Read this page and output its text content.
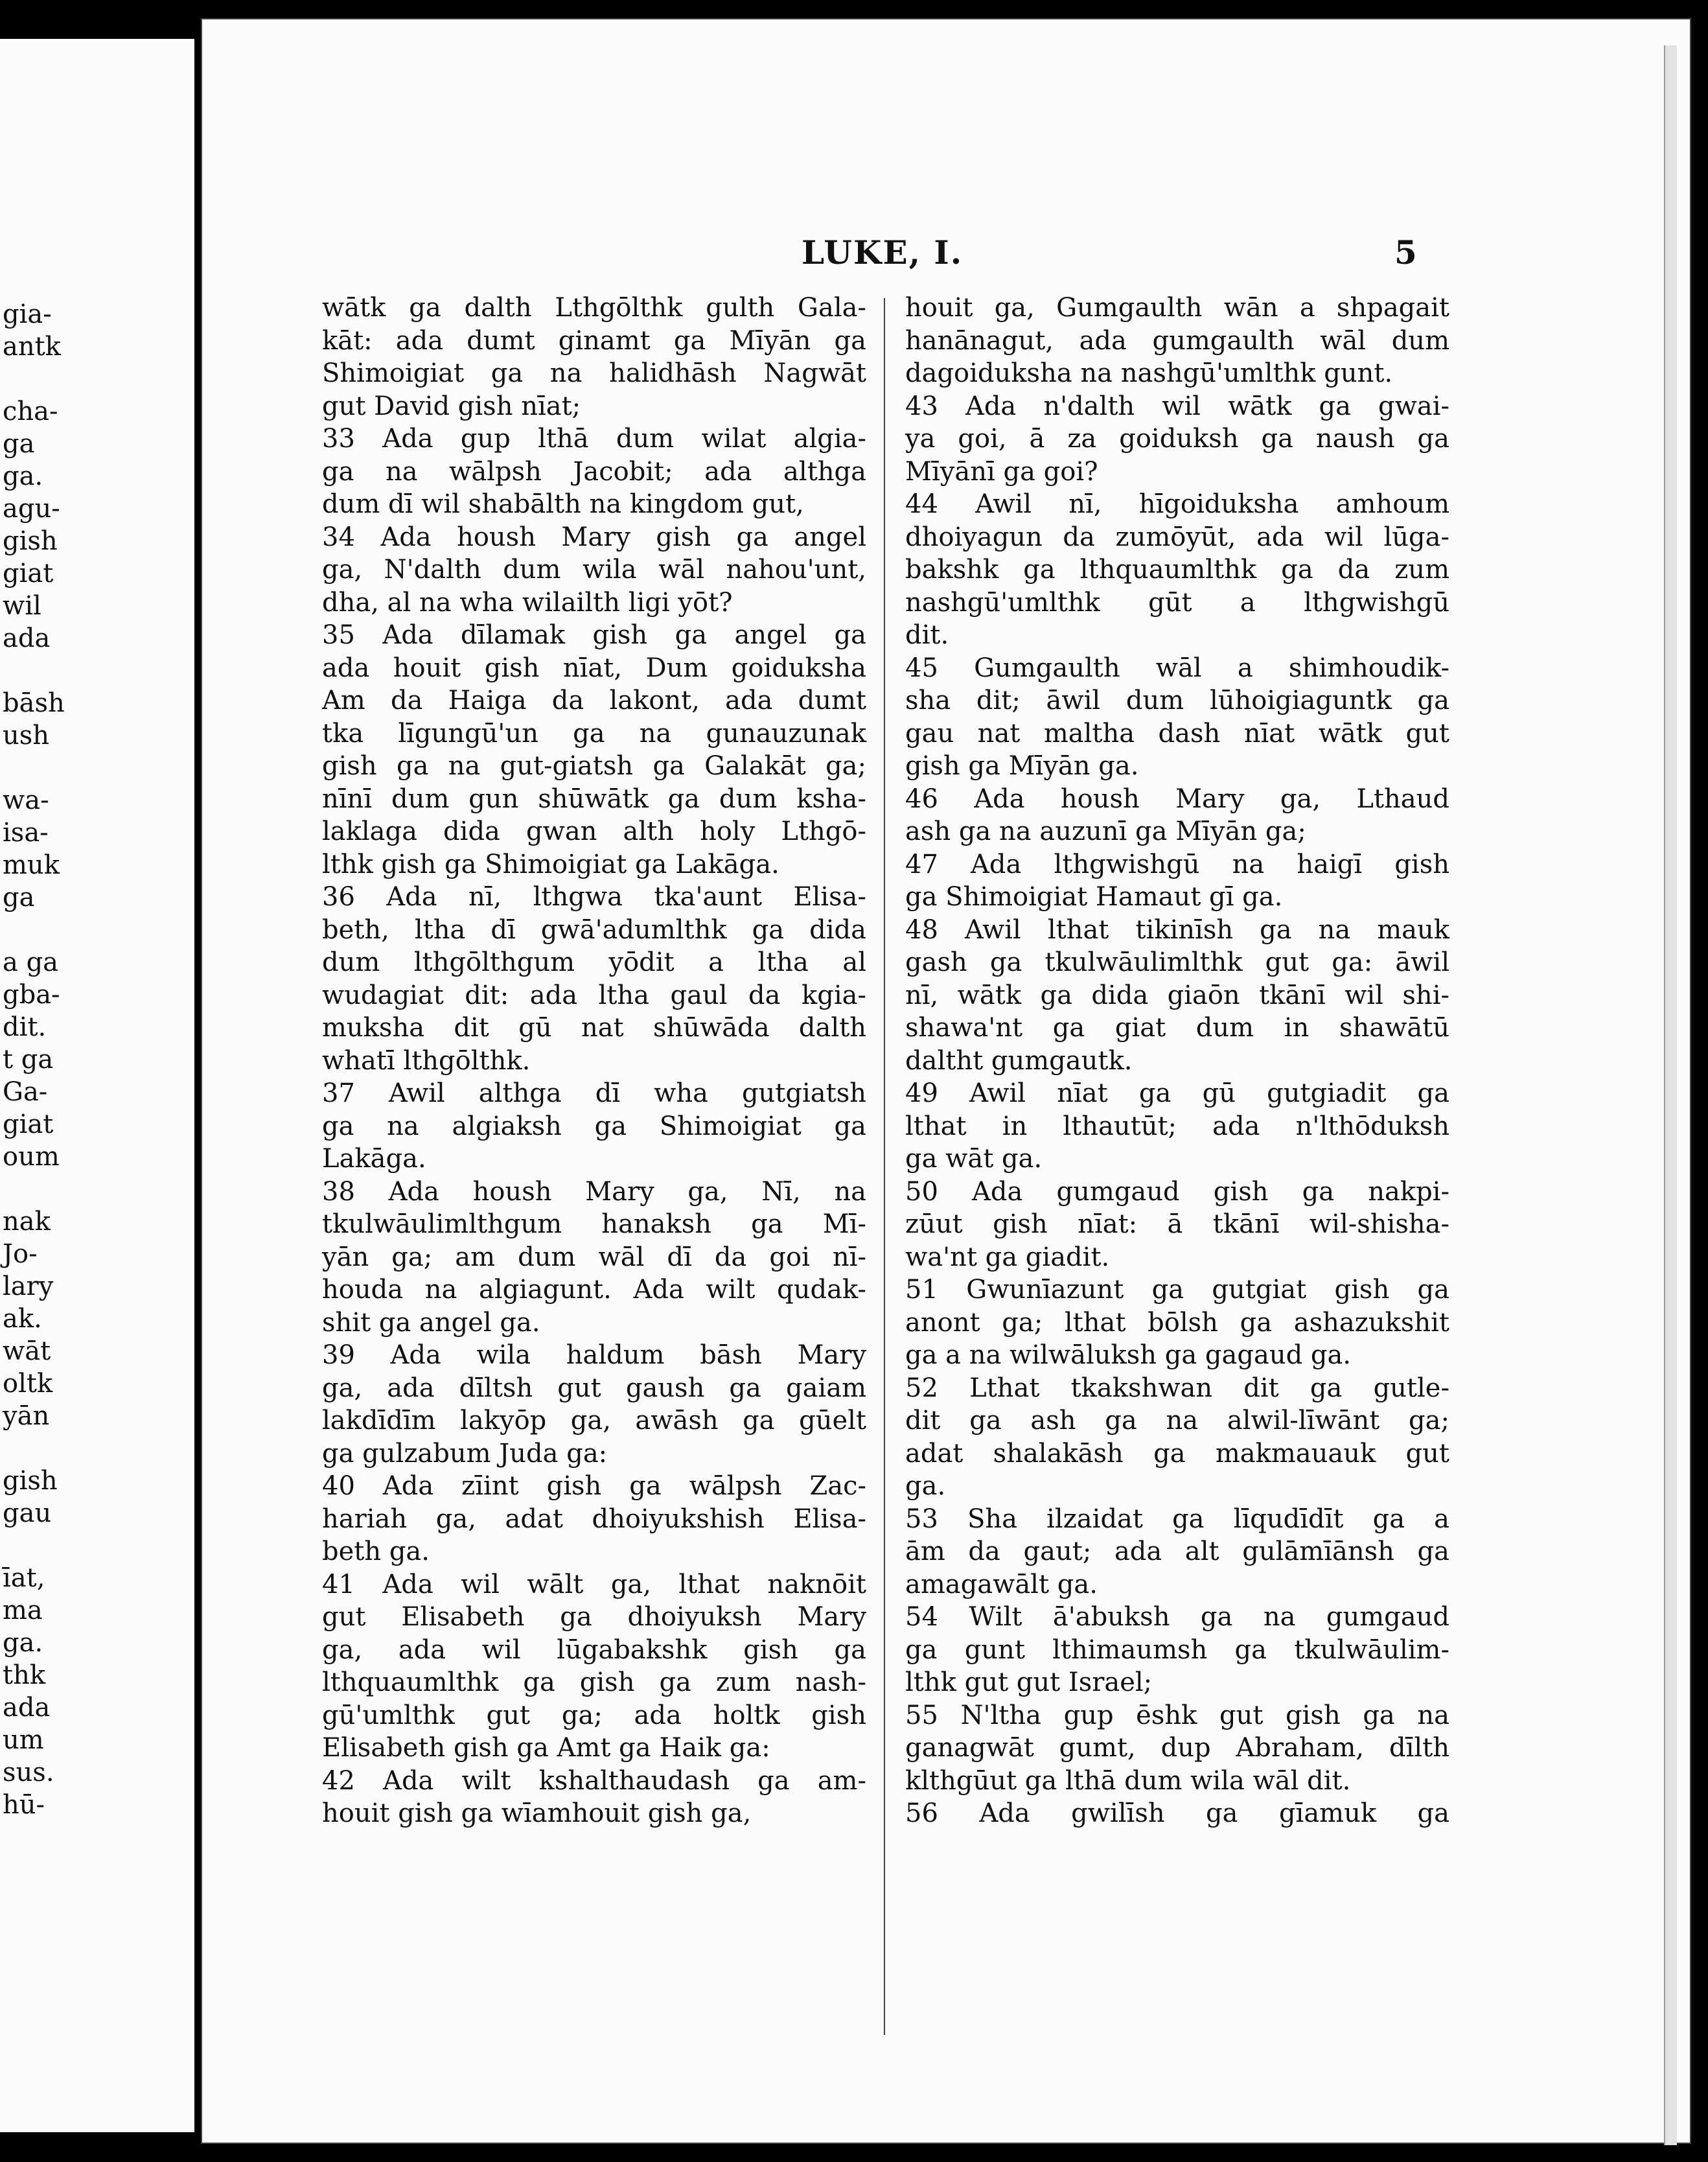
gia-
antk
cha-
ga
ga.
agu-
gish
giat
wil
ada
bāsh
ush
wa-
isa-
muk
ga
a ga
gba-
dit.
t ga
Ga-
giat
oum
nak
Jo-
lary
ak.
wāt
oltk
yān
gish
gau
īat,
ma
ga.
thk
ada
um
sus.
hū-
LUKE, I.	5

wātk ga dalth Lthgōlthk gulth Gala-

kāt: ada dumt ginamt ga Mīyān ga

Shimoigiat ga na halidhāsh Nagwāt

gut David gish nīat;

33 Ada gup lthā dum wilat algia-

ga na wālpsh Jacobit; ada althga

dum dī wil shabālth na kingdom gut,

34 Ada housh Mary gish ga angel

ga, N'dalth dum wila wāl nahou'unt,

dha, al na wha wilailth ligi yōt?

35 Ada dīlamak gish ga angel ga

ada houit gish nīat, Dum goiduksha

Am da Haiga da lakont, ada dumt

tka līgungū'un ga na gunauzunak

gish ga na gut-giatsh ga Galakāt ga;

nīnī dum gun shūwātk ga dum ksha-

laklaga dida gwan alth holy Lthgō-

lthk gish ga Shimoigiat ga Lakāga.

36 Ada nī, lthgwa tka'aunt Elisa-

beth, ltha dī gwā'adumlthk ga dida

dum lthgōlthgum yōdit a ltha al

wudagiat dit: ada ltha gaul da kgia-

muksha dit gū nat shūwāda dalth

whatī lthgōlthk.

37 Awil althga dī wha gutgiatsh

ga na algiaksh ga Shimoigiat ga

Lakāga.

38 Ada housh Mary ga, Nī, na

tkulwāulimlthgum hanaksh ga Mī-

yān ga; am dum wāl dī da goi nī-

houda na algiagunt. Ada wilt qudak-

shit ga angel ga.

39 Ada wila haldum bāsh Mary

ga, ada dīltsh gut gaush ga gaiam

lakdīdīm lakyōp ga, awāsh ga gūelt

ga gulzabum Juda ga:

40 Ada zīint gish ga wālpsh Zac-

hariah ga, adat dhoiyukshish Elisa-

beth ga.

41 Ada wil wālt ga, lthat naknōit

gut Elisabeth ga dhoiyuksh Mary

ga, ada wil lūgabakshk gish ga

lthquaumlthk ga gish ga zum nash-

gū'umlthk gut ga; ada holtk gish

Elisabeth gish ga Amt ga Haik ga:

42 Ada wilt kshalthaudash ga am-

houit gish ga wīamhouit gish ga,

houit ga, Gumgaulth wān a shpagait

hanānagut, ada gumgaulth wāl dum

dagoiduksha na nashgū'umlthk gunt.

43 Ada n'dalth wil wātk ga gwai-

ya goi, ā za goiduksh ga naush ga

Mīyānī ga goi?

44 Awil nī, hīgoiduksha amhoum

dhoiyagun da zumōyūt, ada wil lūga-

bakshk ga lthquaumlthk ga da zum

nashgū'umlthk gūt a lthgwishgū

dit.

45 Gumgaulth wāl a shimhoudik-

sha dit; āwil dum lūhoigiaguntk ga

gau nat maltha dash nīat wātk gut

gish ga Mīyān ga.

46 Ada housh Mary ga, Lthaud

ash ga na auzunī ga Mīyān ga;

47 Ada lthgwishgū na haigī gish

ga Shimoigiat Hamaut gī ga.

48 Awil lthat tikinīsh ga na mauk

gash ga tkulwāulimlthk gut ga: āwil

nī, wātk ga dida giaōn tkānī wil shi-

shawa'nt ga giat dum in shawātū

daltht gumgautk.

49 Awil nīat ga gū gutgiadit ga

lthat in lthautūt; ada n'lthōduksh

ga wāt ga.

50 Ada gumgaud gish ga nakpi-

zūut gish nīat: ā tkānī wil-shisha-

wa'nt ga giadit.

51 Gwunīazunt ga gutgiat gish ga

anont ga; lthat bōlsh ga ashazukshit

ga a na wilwāluksh ga gagaud ga.

52 Lthat tkakshwan dit ga gutle-

dit ga ash ga na alwil-līwānt ga;

adat shalakāsh ga makmauauk gut

ga.

53 Sha ilzaidat ga līqudīdīt ga a

ām da gaut; ada alt gulāmīānsh ga

amagawālt ga.

54 Wilt ā'abuksh ga na gumgaud

ga gunt lthimaumsh ga tkulwāulim-

lthk gut gut Israel;

55 N'ltha gup ēshk gut gish ga na

ganagwāt gumt, dup Abraham, dīlth

klthgūut ga lthā dum wila wāl dit.

56 Ada gwilīsh ga gīamuk ga
